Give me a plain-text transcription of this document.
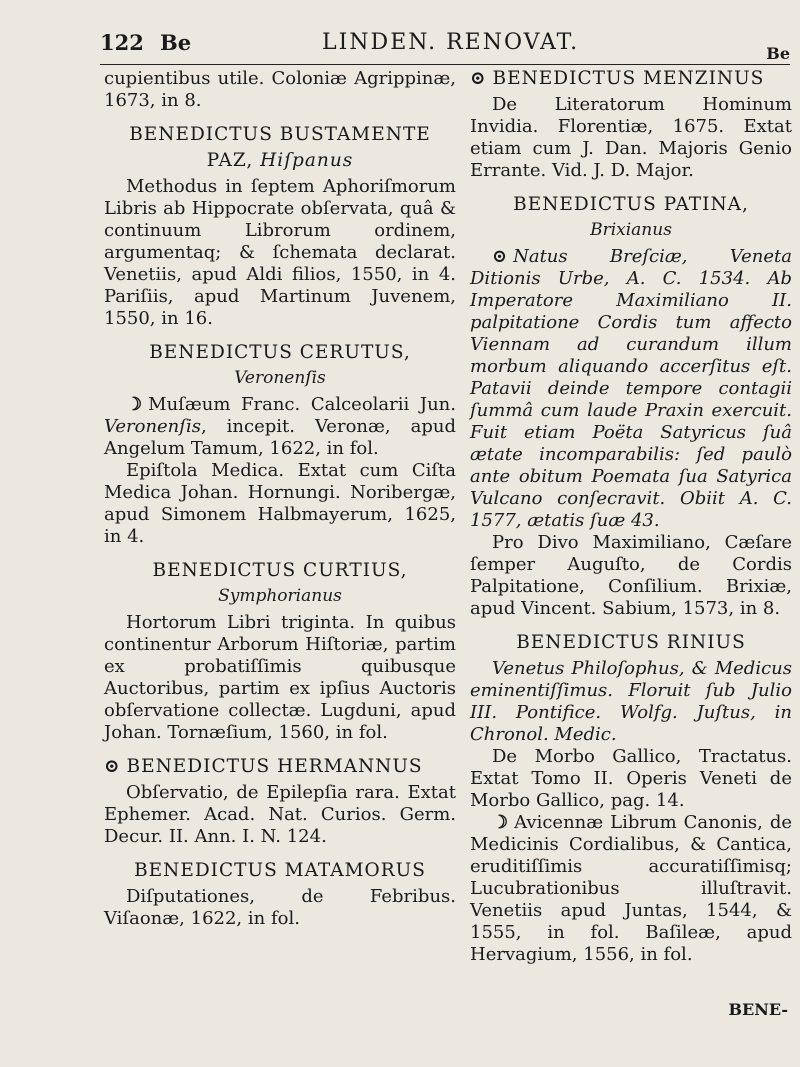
122 Be	LINDEN. RENOVAT.	Be

cupientibus utile. Coloniæ Agrippinæ, 1673, in 8.

BENEDICTUS BUSTAMENTE
PAZ, Hiſpanus

Methodus in ſeptem Aphoriſmorum Libris ab Hippocrate obſervata, quâ & continuum Librorum ordinem, argumentaq; & ſchemata declarat. Venetiis, apud Aldi filios, 1550, in 4. Pariſiis, apud Martinum Juvenem, 1550, in 16.

BENEDICTUS CERUTUS,
Veronenſis

☽ Muſæum Franc. Calceolarii Jun. Veronenſis, incepit. Veronæ, apud Angelum Tamum, 1622, in fol.

Epiſtola Medica. Extat cum Ciſta Medica Johan. Hornungi. Noribergæ, apud Simonem Halbmayerum, 1625, in 4.

BENEDICTUS CURTIUS,
Symphorianus

Hortorum Libri triginta. In quibus continentur Arborum Hiſtoriæ, partim ex probatiſſimis quibusque Auctoribus, partim ex ipſius Auctoris obſervatione collectæ. Lugduni, apud Johan. Tornæſium, 1560, in fol.

⊙ BENEDICTUS HERMANNUS

Obſervatio, de Epilepſia rara. Extat Ephemer. Acad. Nat. Curios. Germ. Decur. II. Ann. I. N. 124.

BENEDICTUS MATAMORUS

Diſputationes, de Febribus. Viſaonæ, 1622, in fol.

⊙ BENEDICTUS MENZINUS

De Literatorum Hominum Invidia. Florentiæ, 1675. Extat etiam cum J. Dan. Majoris Genio Errante. Vid. J. D. Major.

BENEDICTUS PATINA,
Brixianus

⊙ Natus Breſciæ, Veneta Ditionis Urbe, A. C. 1534. Ab Imperatore Maximiliano II. palpitatione Cordis tum affecto Viennam ad curandum illum morbum aliquando accerſitus eſt. Patavii deinde tempore contagii ſummâ cum laude Praxin exercuit. Fuit etiam Poëta Satyricus ſuâ ætate incomparabilis: ſed paulò ante obitum Poemata ſua Satyrica Vulcano conſecravit. Obiit A. C. 1577, ætatis ſuæ 43.

Pro Divo Maximiliano, Cæſare ſemper Auguſto, de Cordis Palpitatione, Conſilium. Brixiæ, apud Vincent. Sabium, 1573, in 8.

BENEDICTUS RINIUS

Venetus Philoſophus, & Medicus eminentiſſimus. Floruit ſub Julio III. Pontifice. Wolfg. Juſtus, in Chronol. Medic.

De Morbo Gallico, Tractatus. Extat Tomo II. Operis Veneti de Morbo Gallico, pag. 14.

☽ Avicennæ Librum Canonis, de Medicinis Cordialibus, & Cantica, eruditiſſimis accuratiſſimisq; Lucubrationibus illuſtravit. Venetiis apud Juntas, 1544, & 1555, in fol. Baſileæ, apud Hervagium, 1556, in fol.

BENE-
